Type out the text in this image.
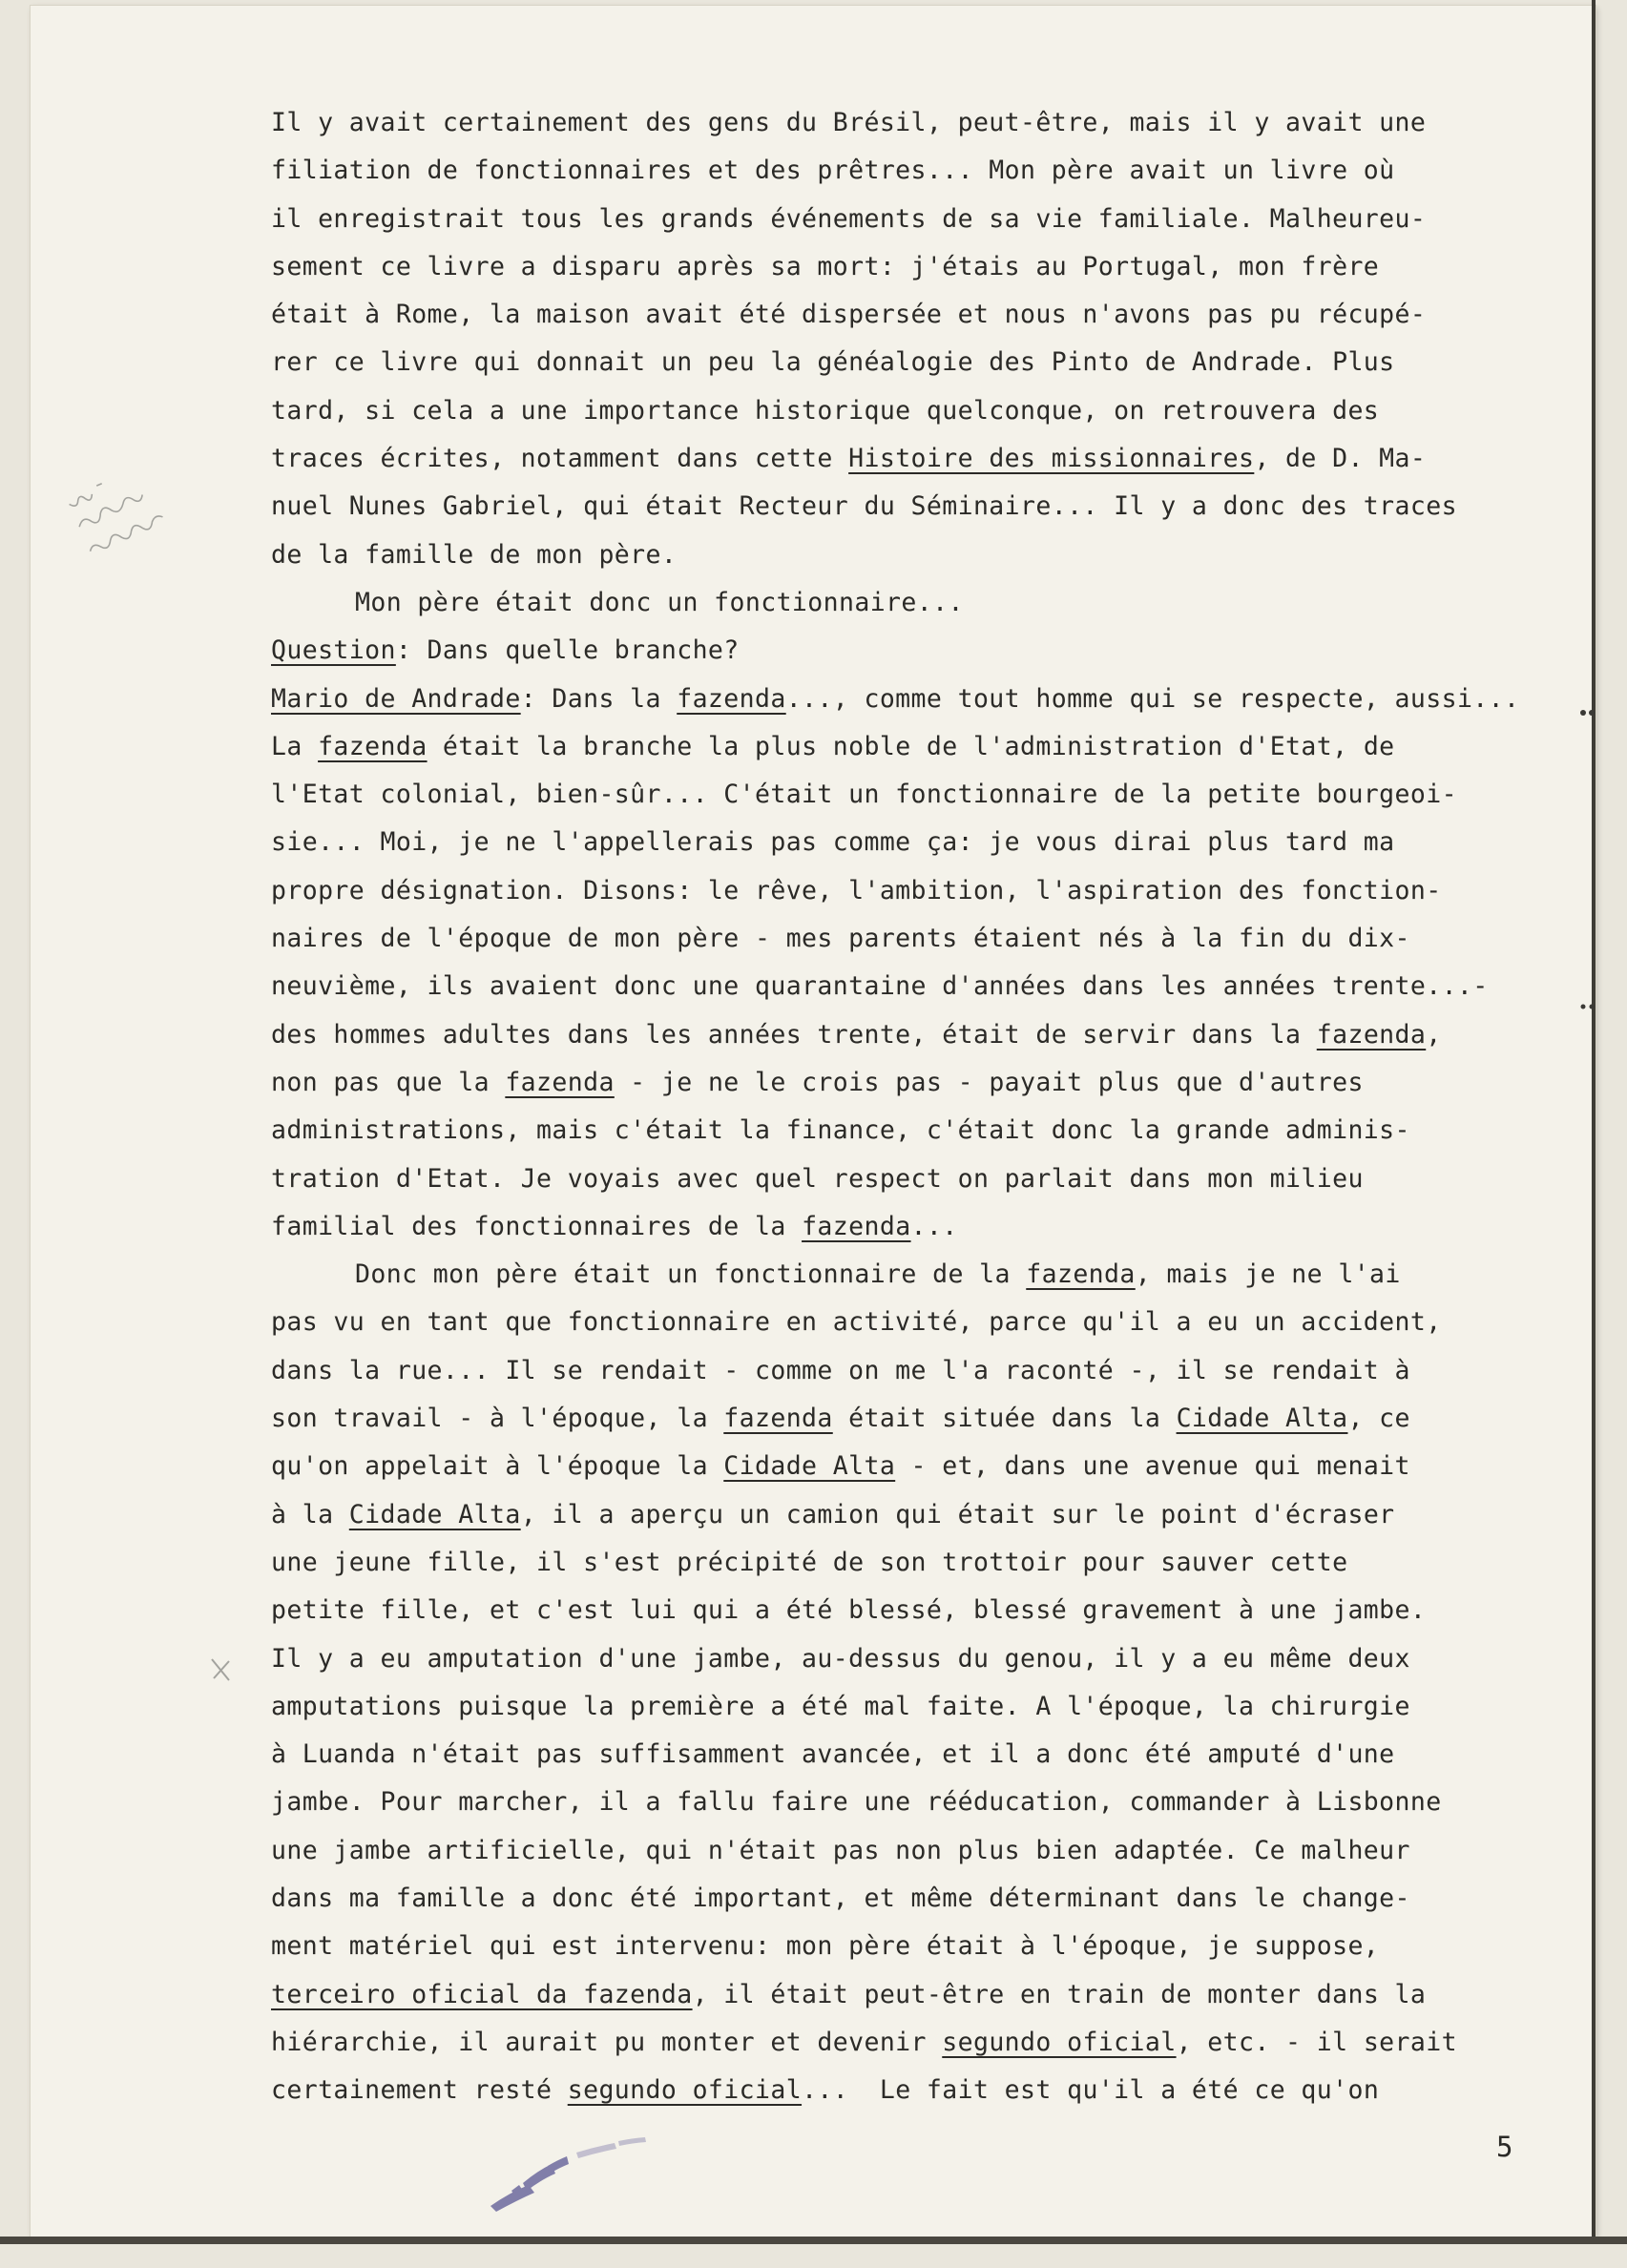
Il y avait certainement des gens du Brésil, peut-être, mais il y avait une
filiation de fonctionnaires et des prêtres... Mon père avait un livre où
il enregistrait tous les grands événements de sa vie familiale. Malheureu-
sement ce livre a disparu après sa mort: j'étais au Portugal, mon frère
était à Rome, la maison avait été dispersée et nous n'avons pas pu récupé-
rer ce livre qui donnait un peu la généalogie des Pinto de Andrade. Plus
tard, si cela a une importance historique quelconque, on retrouvera des
traces écrites, notamment dans cette Histoire des missionnaires, de D. Ma-
nuel Nunes Gabriel, qui était Recteur du Séminaire... Il y a donc des traces
de la famille de mon père.
Mon père était donc un fonctionnaire...
Question: Dans quelle branche?
Mario de Andrade: Dans la fazenda..., comme tout homme qui se respecte, aussi...
La fazenda était la branche la plus noble de l'administration d'Etat, de
l'Etat colonial, bien-sûr... C'était un fonctionnaire de la petite bourgeoi-
sie... Moi, je ne l'appellerais pas comme ça: je vous dirai plus tard ma
propre désignation. Disons: le rêve, l'ambition, l'aspiration des fonction-
naires de l'époque de mon père - mes parents étaient nés à la fin du dix-
neuvième, ils avaient donc une quarantaine d'années dans les années trente...-
des hommes adultes dans les années trente, était de servir dans la fazenda,
non pas que la fazenda - je ne le crois pas - payait plus que d'autres
administrations, mais c'était la finance, c'était donc la grande adminis-
tration d'Etat. Je voyais avec quel respect on parlait dans mon milieu
familial des fonctionnaires de la fazenda...
Donc mon père était un fonctionnaire de la fazenda, mais je ne l'ai
pas vu en tant que fonctionnaire en activité, parce qu'il a eu un accident,
dans la rue... Il se rendait - comme on me l'a raconté -, il se rendait à
son travail - à l'époque, la fazenda était située dans la Cidade Alta, ce
qu'on appelait à l'époque la Cidade Alta - et, dans une avenue qui menait
à la Cidade Alta, il a aperçu un camion qui était sur le point d'écraser
une jeune fille, il s'est précipité de son trottoir pour sauver cette
petite fille, et c'est lui qui a été blessé, blessé gravement à une jambe.
Il y a eu amputation d'une jambe, au-dessus du genou, il y a eu même deux
amputations puisque la première a été mal faite. A l'époque, la chirurgie
à Luanda n'était pas suffisamment avancée, et il a donc été amputé d'une
jambe. Pour marcher, il a fallu faire une rééducation, commander à Lisbonne
une jambe artificielle, qui n'était pas non plus bien adaptée. Ce malheur
dans ma famille a donc été important, et même déterminant dans le change-
ment matériel qui est intervenu: mon père était à l'époque, je suppose,
terceiro oficial da fazenda, il était peut-être en train de monter dans la
hiérarchie, il aurait pu monter et devenir segundo oficial, etc. - il serait
certainement resté segundo oficial...  Le fait est qu'il a été ce qu'on
5
